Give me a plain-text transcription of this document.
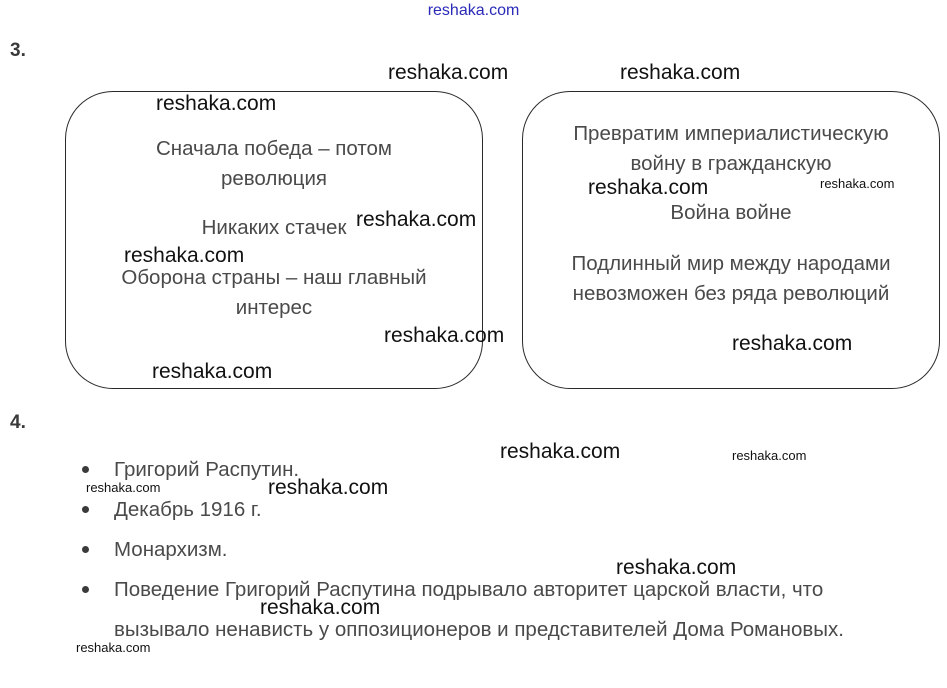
reshaka.com
3.
Сначала победа – потом революция
Никаких стачек
Оборона страны – наш главный интерес
Превратим империалистическую войну в гражданскую
Война войне
Подлинный мир между народами невозможен без ряда революций
4.
Григорий Распутин.
Декабрь 1916 г.
Монархизм.
Поведение Григорий Распутина подрывало авторитет царской власти, что вызывало ненависть у оппозиционеров и представителей Дома Романовых.
reshaka.com	reshaka.com
reshaka.com
reshaka.com	reshaka.com
reshaka.com
reshaka.com
reshaka.com	reshaka.com
reshaka.com
reshaka.com	reshaka.com
reshaka.com	reshaka.com
reshaka.com
reshaka.com
reshaka.com
